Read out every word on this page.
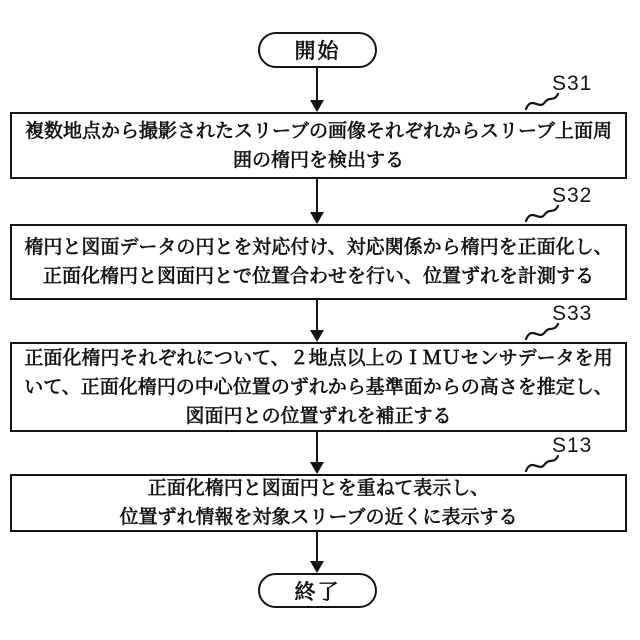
開始
S31
複数地点から撮影されたスリーブの画像それぞれからスリーブ上面周
囲の楕円を検出する
S32
楕円と図面データの円とを対応付け、対応関係から楕円を正面化し、
正面化楕円と図面円とで位置合わせを行い、位置ずれを計測する
S33
正面化楕円それぞれについて、２地点以上のＩＭＵセンサデータを用
いて、正面化楕円の中心位置のずれから基準面からの高さを推定し、
図面円との位置ずれを補正する
S13
正面化楕円と図面円とを重ねて表示し、
位置ずれ情報を対象スリーブの近くに表示する
終了
